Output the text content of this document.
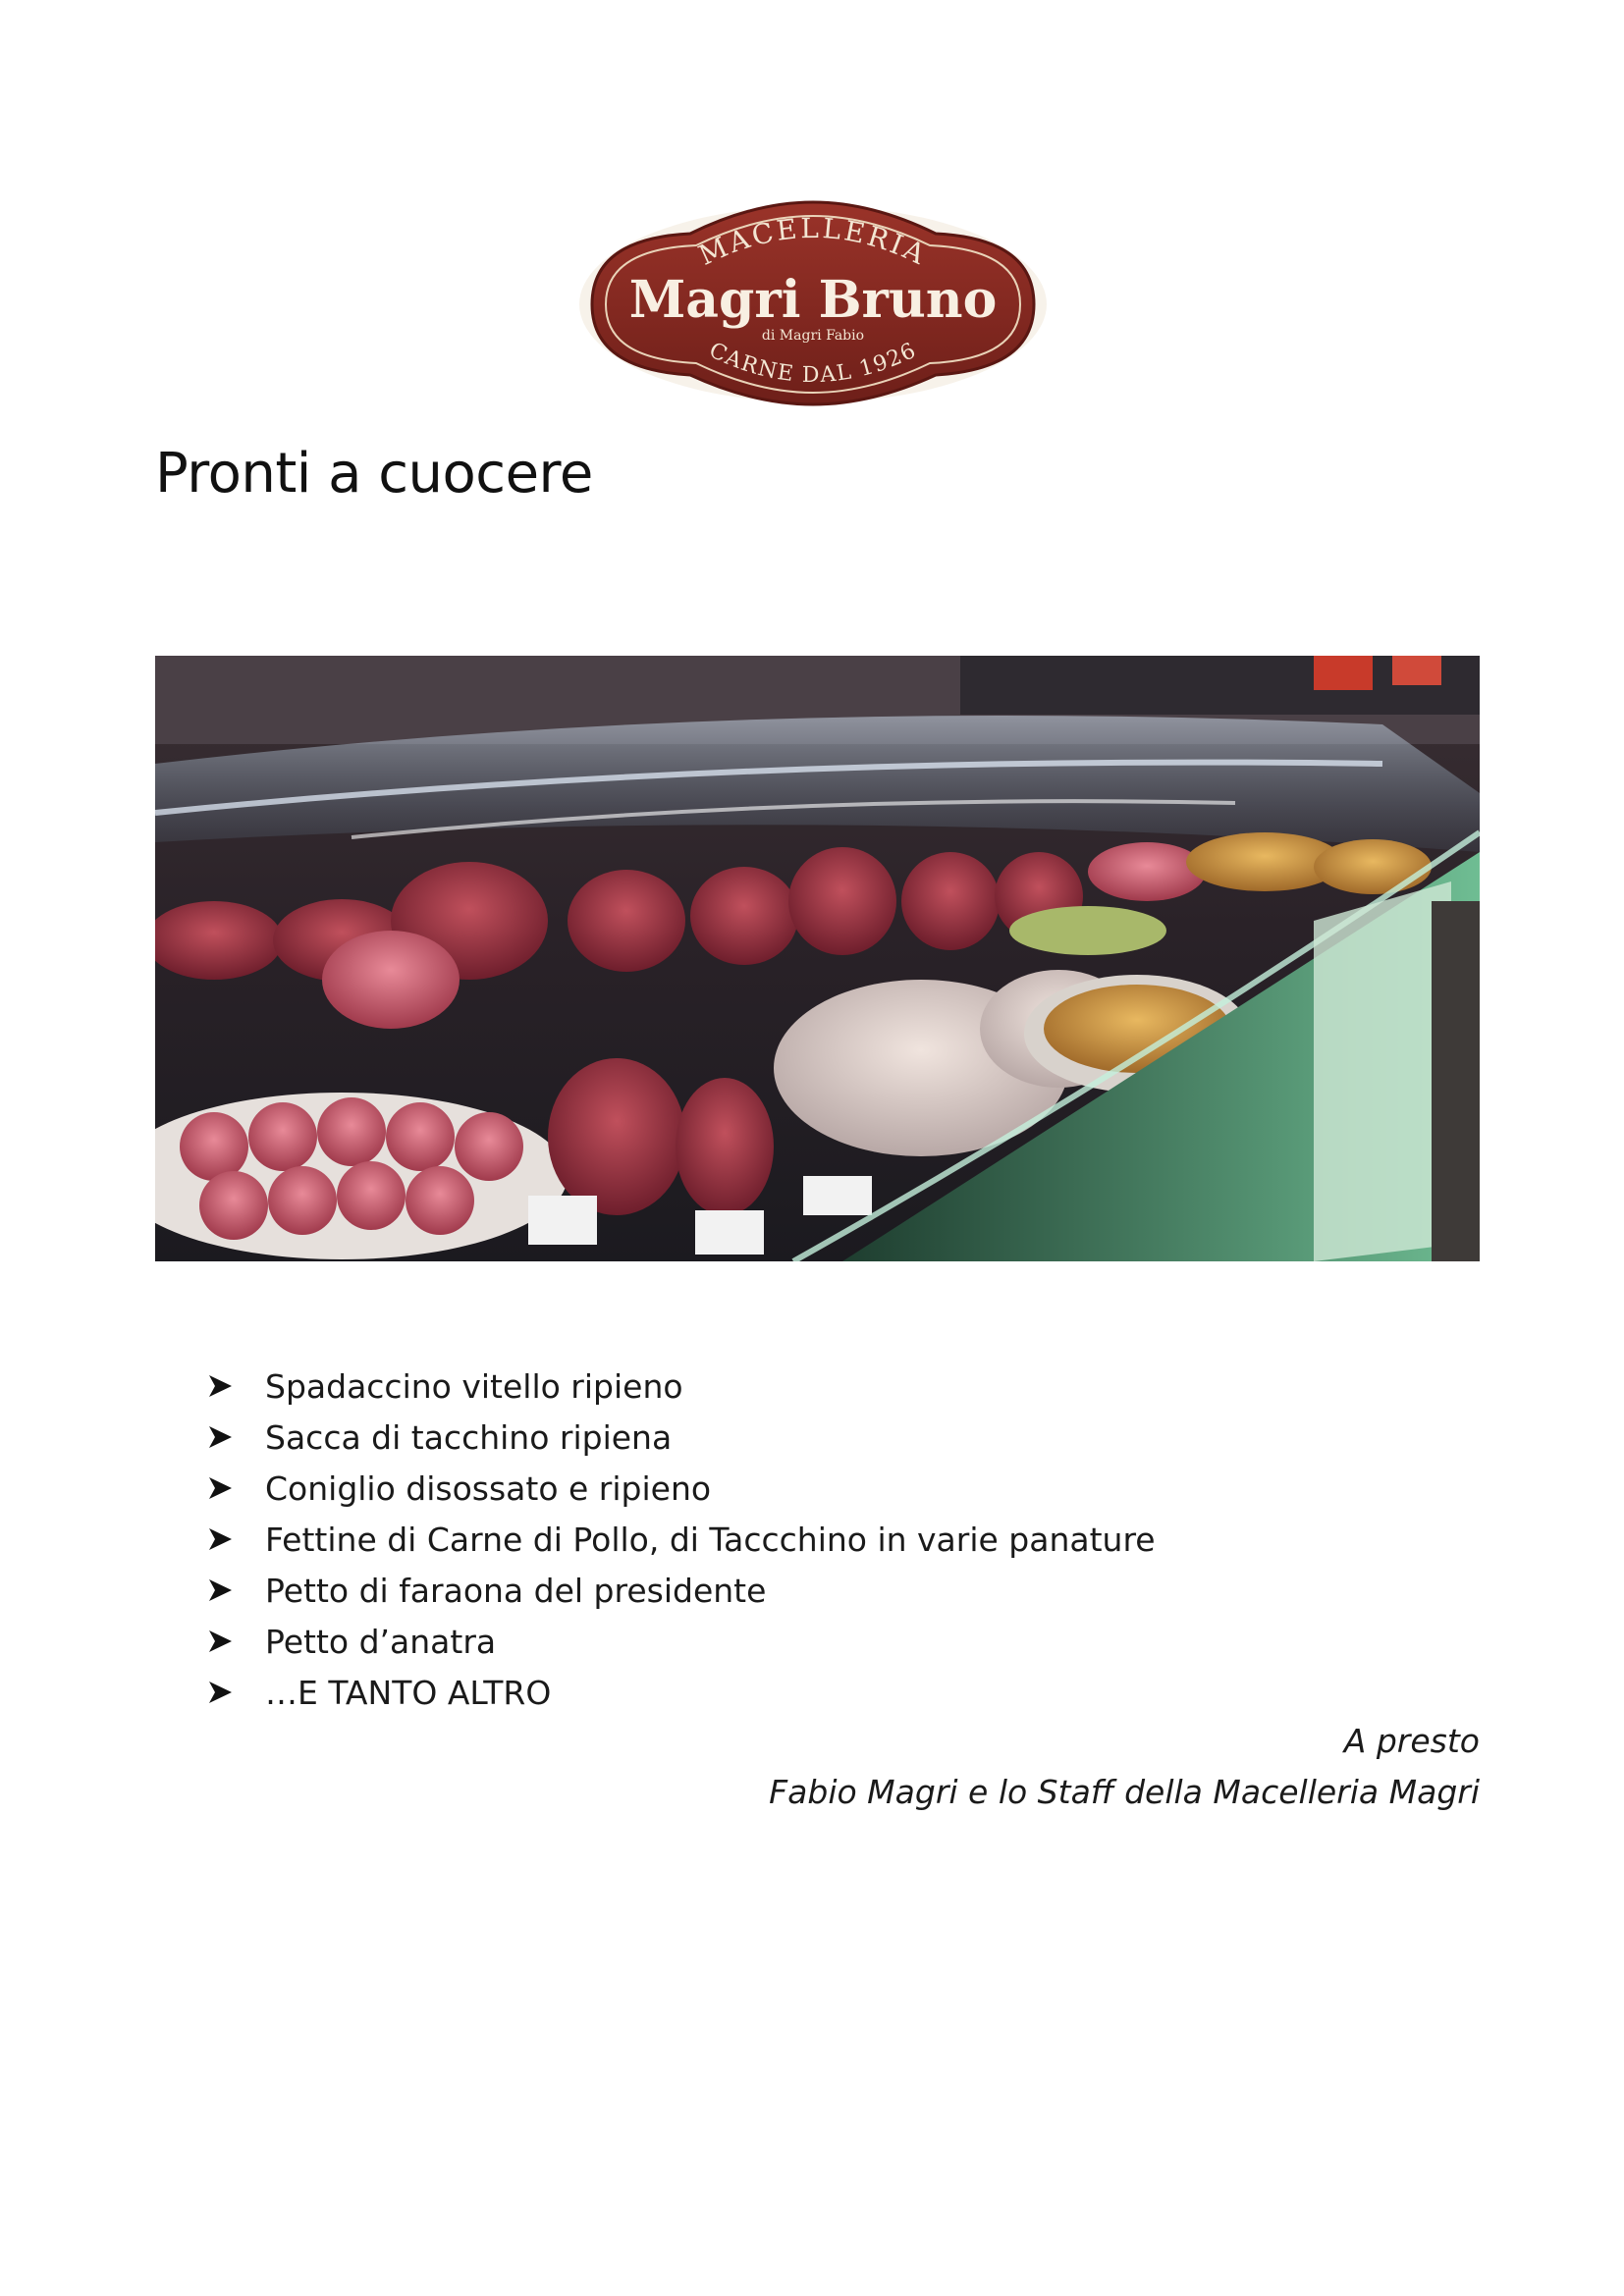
MACELLERIA
Magri Bruno
di Magri Fabio
CARNE DAL 1926
Pronti a cuocere
Spadaccino vitello ripieno
Sacca di tacchino ripiena
Coniglio disossato e ripieno
Fettine di Carne di Pollo, di Taccchino in varie panature
Petto di faraona del presidente
Petto d’anatra
…E TANTO ALTRO
A presto
Fabio Magri e lo Staff della Macelleria Magri
